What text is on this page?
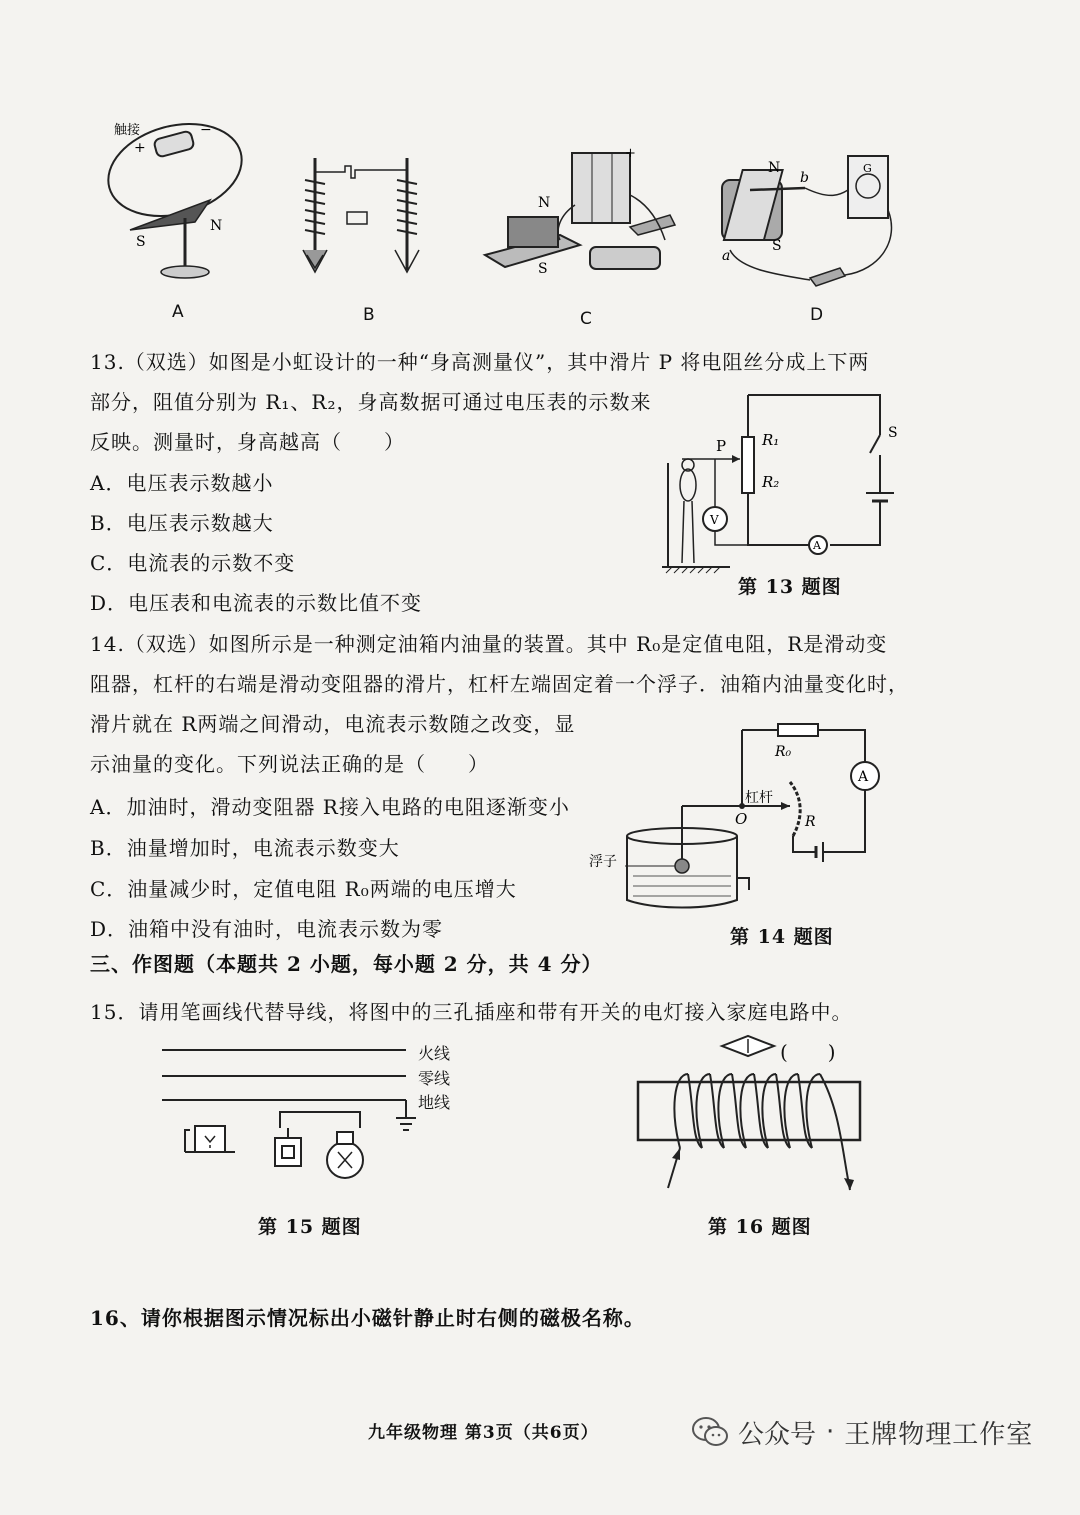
触接
+
−
N
S
N
S
+
N
S
a
b
G
A	B	C	D
13.（双选）如图是小虹设计的一种“身高测量仪”，其中滑片 P 将电阻丝分成上下两
部分，阻值分别为 R₁、R₂，身高数据可通过电压表的示数来
反映。测量时，身高越高（　　）
A．电压表示数越小
B．电压表示数越大
C．电流表的示数不变
D．电压表和电流表的示数比值不变
P R₁
R₂
S
V
A
第 13 题图
14.（双选）如图所示是一种测定油箱内油量的装置。其中 R₀是定值电阻，R是滑动变
阻器，杠杆的右端是滑动变阻器的滑片，杠杆左端固定着一个浮子．油箱内油量变化时，
滑片就在 R两端之间滑动，电流表示数随之改变，显
示油量的变化。下列说法正确的是（　　）
A．加油时，滑动变阻器 R接入电路的电阻逐渐变小
B．油量增加时，电流表示数变大
C．油量减少时，定值电阻 R₀两端的电压增大
D．油箱中没有油时，电流表示数为零
R₀
A
杠杆
O	R
浮子
第 14 题图
三、作图题（本题共 2 小题，每小题 2 分，共 4 分）
15．请用笔画线代替导线，将图中的三孔插座和带有开关的电灯接入家庭电路中。
火线
零线
地线
第 15 题图
(　　)
第 16 题图
16、请你根据图示情况标出小磁针静止时右侧的磁极名称。
九年级物理 第3页（共6页）	公众号 · 王牌物理工作室
